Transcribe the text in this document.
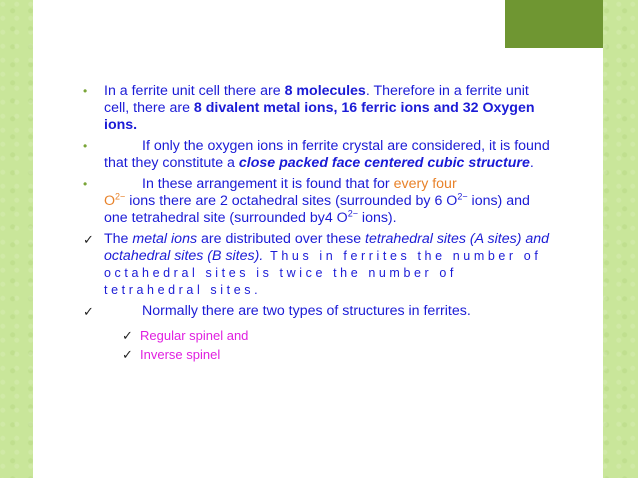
• In a ferrite unit cell there are 8 molecules. Therefore in a ferrite unit cell, there are 8 divalent metal ions, 16 ferric ions and 32 Oxygen ions.
•	If only the oxygen ions in ferrite crystal are considered, it is found that they constitute a close packed face centered cubic structure.
•	In these arrangement it is found that for every four
$O^{2-}$ ions there are 2 octahedral sites (surrounded by 6 $O^{2-}$ ions) and one tetrahedral site (surrounded by4 $O^{2-}$ ions).
✓ The metal ions are distributed over these tetrahedral sites (A sites) and octahedral sites (B sites). Thus in ferrites the number of octahedral sites is twice the number of tetrahedral sites.
✓	Normally there are two types of structures in ferrites.
✓ Regular spinel and
✓ Inverse spinel
